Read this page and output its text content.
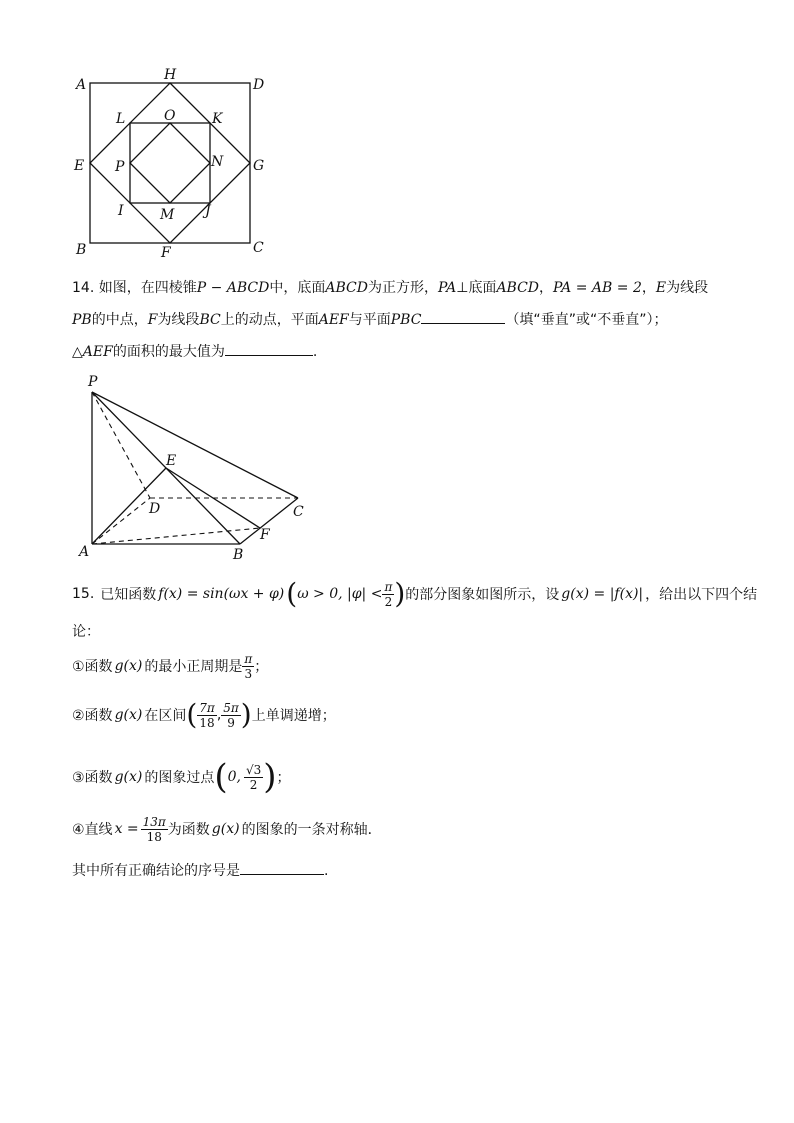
A
H
D
L	O	K
E P	N G
I	M J
B	F	C
14. 如图，在四棱锥P − ABCD中，底面ABCD为正方形，PA⊥底面ABCD，PA = AB = 2，E为线段
PB的中点，F为线段BC上的动点，平面AEF与平面PBC	（填“垂直”或“不垂直”）；
△AEF的面积的最大值为	.
P
E
D	C
A	B
F
15. 已知函数 f(x) = sin(ωx + φ) ( ω > 0, $|\varphi| < \frac{\pi}{2}$ ) 的部分图象如图所示，设 g(x) = |f(x)| ，给出以下四个结
论：
①函数 g(x) 的最小正周期是 $\frac{\pi}{3}$ ；
②函数 g(x) 在区间 ( $\frac{7\pi}{18}$ , $\frac{5\pi}{9}$ ) 上单调递增；
③函数 g(x) 的图象过点 ( 0, $\frac{√3}{2}$ ) ；
④直线 $x = \frac{13\pi}{18}$ 为函数 g(x) 的图象的一条对称轴．
其中所有正确结论的序号是	.
